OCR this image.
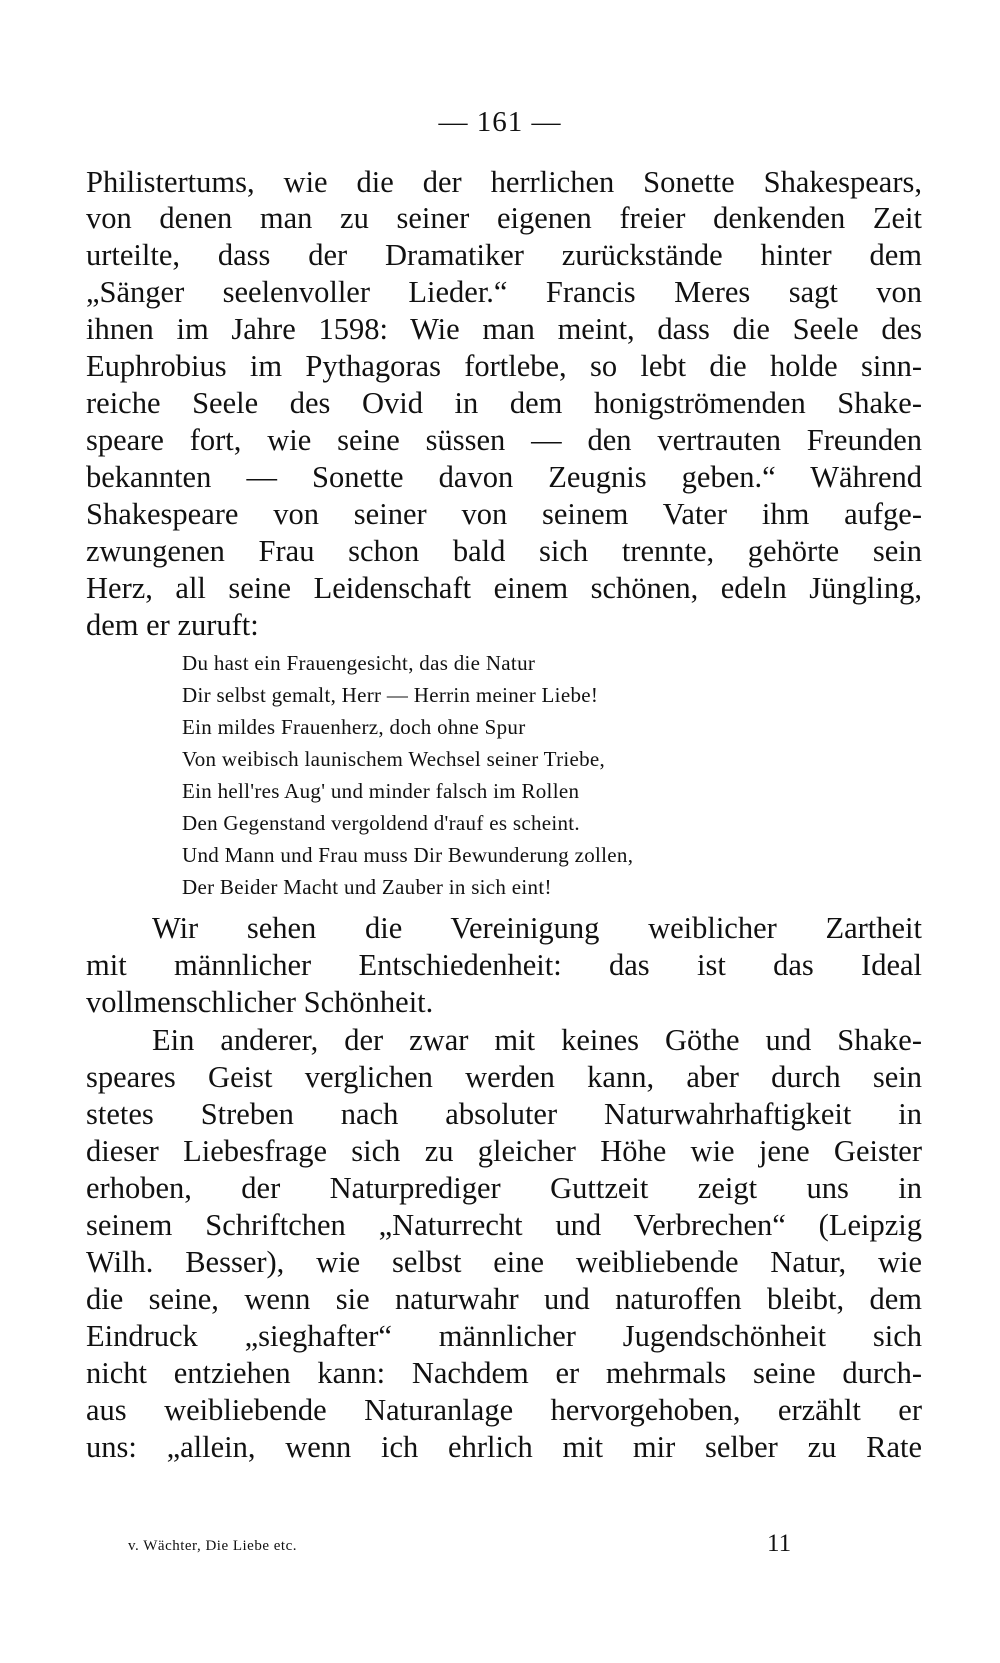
— 161 —
Philistertums, wie die der herrlichen Sonette Shakespears,
von denen man zu seiner eigenen freier denkenden Zeit
urteilte, dass der Dramatiker zurückstände hinter dem
„Sänger seelenvoller Lieder.“ Francis Meres sagt von
ihnen im Jahre 1598: Wie man meint, dass die Seele des
Euphrobius im Pythagoras fortlebe, so lebt die holde sinn-
reiche Seele des Ovid in dem honigströmenden Shake-
speare fort, wie seine süssen — den vertrauten Freunden
bekannten — Sonette davon Zeugnis geben.“ Während
Shakespeare von seiner von seinem Vater ihm aufge-
zwungenen Frau schon bald sich trennte, gehörte sein
Herz, all seine Leidenschaft einem schönen, edeln Jüngling,
dem er zuruft:
Du hast ein Frauengesicht, das die Natur
Dir selbst gemalt, Herr — Herrin meiner Liebe!
Ein mildes Frauenherz, doch ohne Spur
Von weibisch launischem Wechsel seiner Triebe,
Ein hell'res Aug' und minder falsch im Rollen
Den Gegenstand vergoldend d'rauf es scheint.
Und Mann und Frau muss Dir Bewunderung zollen,
Der Beider Macht und Zauber in sich eint!
Wir sehen die Vereinigung weiblicher Zartheit
mit männlicher Entschiedenheit: das ist das Ideal
vollmenschlicher Schönheit.
Ein anderer, der zwar mit keines Göthe und Shake-
speares Geist verglichen werden kann, aber durch sein
stetes Streben nach absoluter Naturwahrhaftigkeit in
dieser Liebesfrage sich zu gleicher Höhe wie jene Geister
erhoben, der Naturprediger Guttzeit zeigt uns in
seinem Schriftchen „Naturrecht und Verbrechen“ (Leipzig
Wilh. Besser), wie selbst eine weibliebende Natur, wie
die seine, wenn sie naturwahr und naturoffen bleibt, dem
Eindruck „sieghafter“ männlicher Jugendschönheit sich
nicht entziehen kann: Nachdem er mehrmals seine durch-
aus weibliebende Naturanlage hervorgehoben, erzählt er
uns: „allein, wenn ich ehrlich mit mir selber zu Rate
v. Wächter, Die Liebe etc.	11
